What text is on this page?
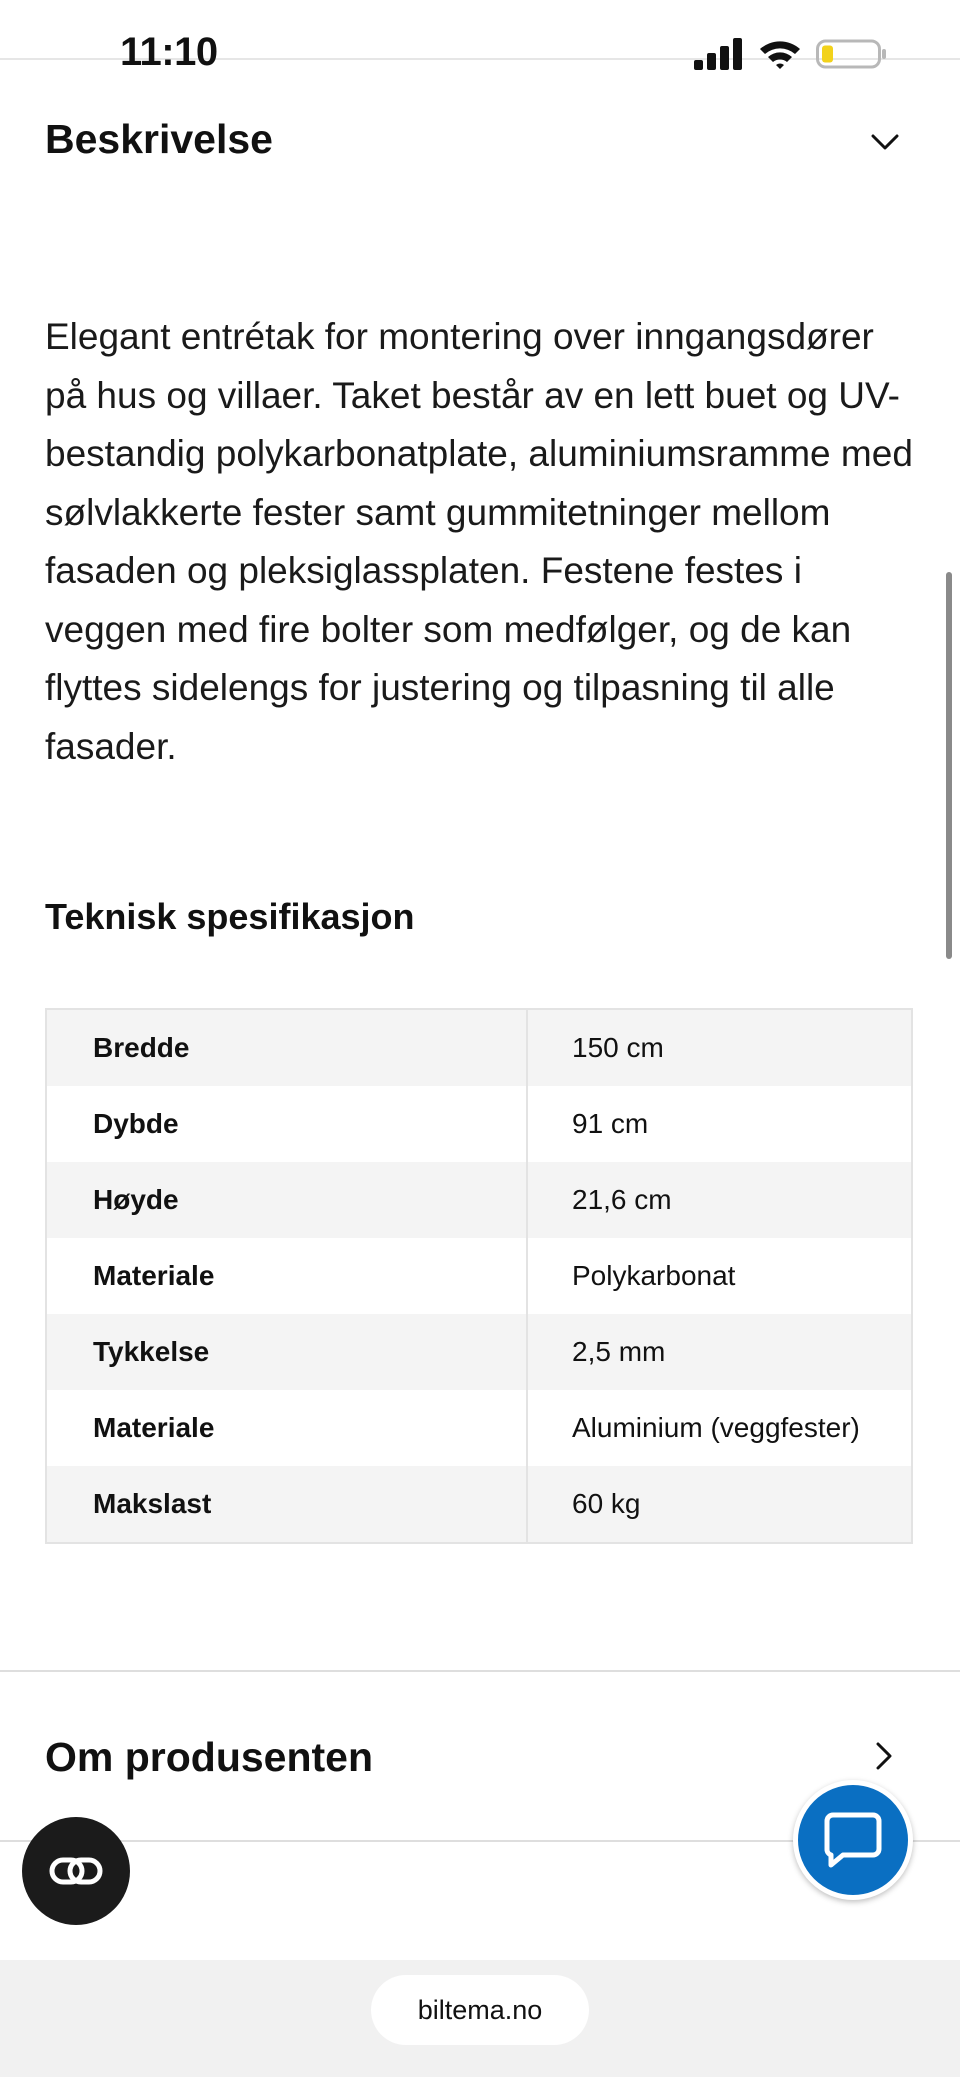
11:10
Beskrivelse
Elegant entrétak for montering over inngangsdører på hus og villaer. Taket består av en lett buet og UV-bestandig polykarbonatplate, aluminiumsramme med sølvlakkerte fester samt gummitetninger mellom fasaden og pleksiglassplaten. Festene festes i veggen med fire bolter som medfølger, og de kan flyttes sidelengs for justering og tilpasning til alle fasader.
Teknisk spesifikasjon
Bredde	150 cm
Dybde	91 cm
Høyde	21,6 cm
Materiale	Polykarbonat
Tykkelse	2,5 mm
Materiale	Aluminium (veggfester)
Makslast	60 kg
Om produsenten
biltema.no
